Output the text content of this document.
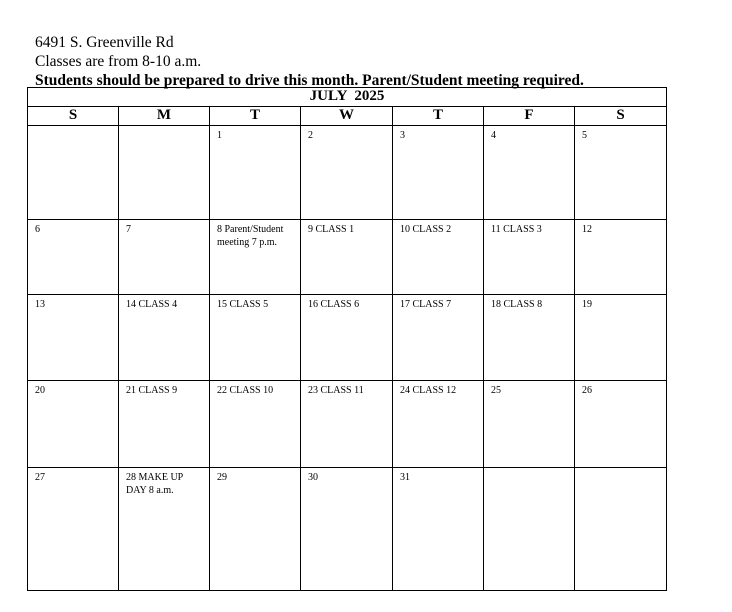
6491 S. Greenville Rd
Classes are from 8-10 a.m.
Students should be prepared to drive this month. Parent/Student meeting required.
JULY  2025						
S	M	T	W	T	F	S

		1	2	3	4	5

6	7	8 Parent/Student meeting 7 p.m.	9 CLASS 1	10 CLASS 2	11 CLASS 3	12

13	14 CLASS 4	15 CLASS 5	16 CLASS 6	17 CLASS 7	18 CLASS 8	19

20	21 CLASS 9	22 CLASS 10	23 CLASS 11	24 CLASS 12	25	26

27	28 MAKE UP DAY 8 a.m.	29	30	31		
